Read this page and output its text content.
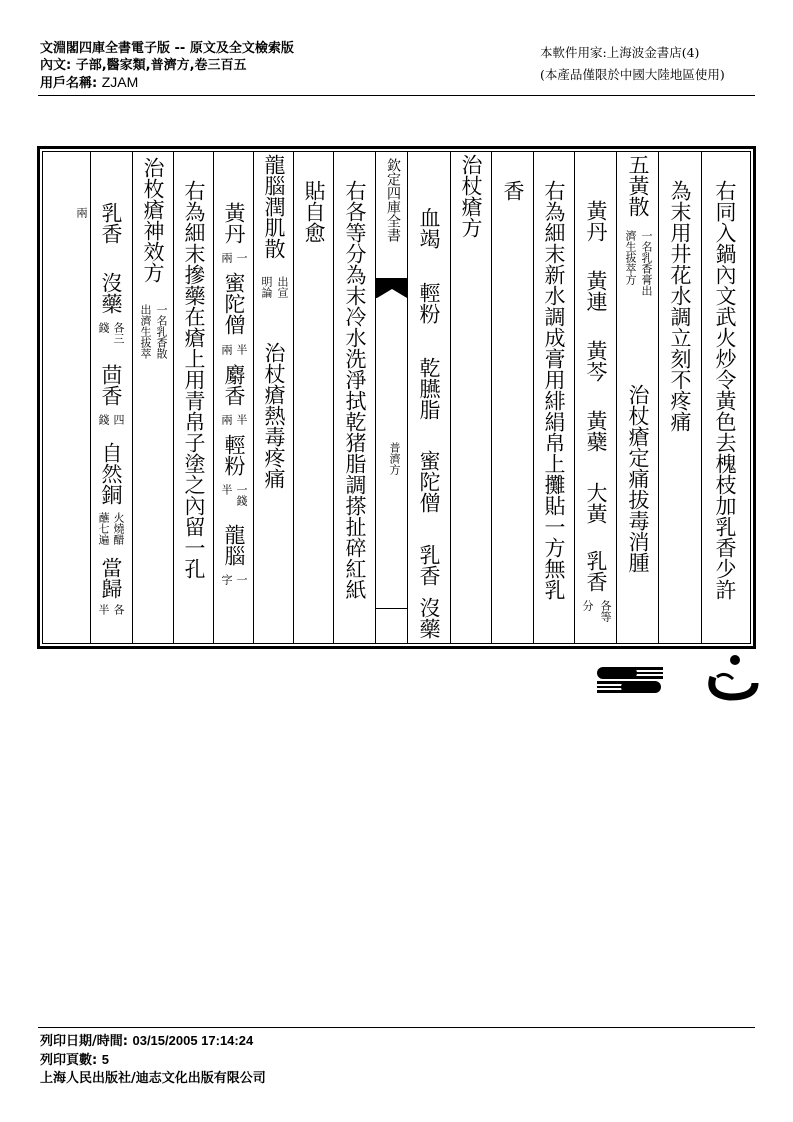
文淵閣四庫全書電子版 -- 原文及全文檢索版
內文: 子部,醫家類,普濟方,卷三百五
用戶名稱: ZJAM
本軟件用家:上海波金書店(4)
(本產品僅限於中國大陸地區使用)
兩 乳香
沒藥
各三
錢
茴香
四
錢
自然銅
火燒醋
蘸七遍
當歸
各
半
治枚瘡神效方
一名乳香散
出濟生拔萃 右為細末摻藥在瘡上用青帛子塗之內留一孔 黃丹
一
兩
蜜陀僧
半
兩
麝香
半
兩
輕粉
一錢
半
龍腦
一
字
龍腦潤肌散
出宣
明論
治杖瘡熱毒疼痛
貼自愈 右各等分為末冷水洗淨拭乾猪脂調搽扯碎紅紙 欽定四庫全書
普濟方
血竭
輕粉
乾臙脂
蜜陀僧
乳香
沒藥
治杖瘡方 香 右為細末新水調成膏用緋絹帛上攤貼一方無乳 黃丹
黃連
黃芩
黃蘗
大黃
乳香
各等
分
五黃散
一名乳香膏出
濟生拔萃方
治杖瘡定痛拔毒消腫
為末用井花水調立刻不疼痛 右同入鍋內文武火炒令黃色去槐枝加乳香少許
列印日期/時間: 03/15/2005 17:14:24
列印頁數: 5
上海人民出版社/迪志文化出版有限公司
